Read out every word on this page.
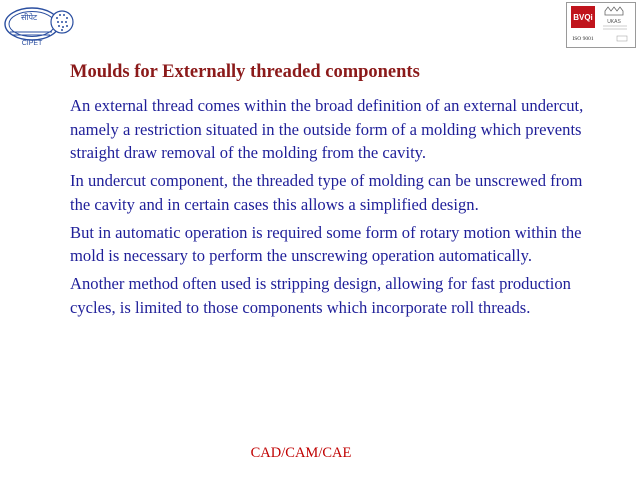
सीपेट
CIPET
BVQi	UKAS
ISO 9001
Moulds for Externally threaded components

An external thread comes within the broad definition of an external undercut, namely a restriction situated in the outside form of a molding which prevents straight draw removal of the molding from the cavity.

In undercut component, the threaded type of molding can be unscrewed from the cavity and in certain cases this allows a simplified design.

But in automatic operation is required some form of rotary motion within the mold is necessary to perform the unscrewing operation automatically.

Another method often used is stripping design, allowing for fast production cycles, is limited to those components which incorporate roll threads.

CAD/CAM/CAE
